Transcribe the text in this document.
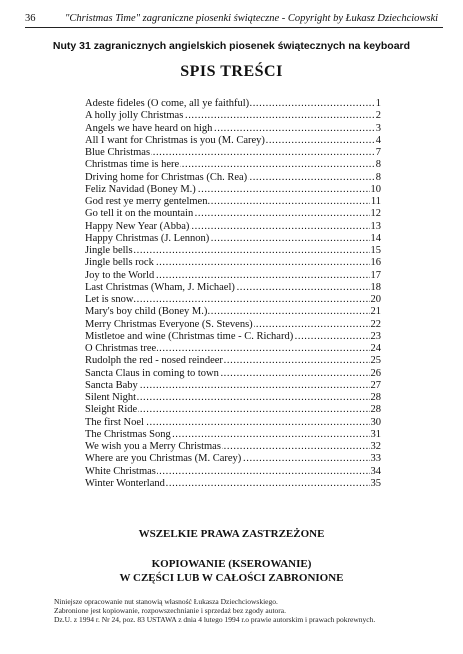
36	"Christmas Time" zagraniczne piosenki świąteczne - Copyright by Łukasz Dziechciowski
Nuty 31 zagranicznych angielskich piosenek świątecznych na keyboard
SPIS TREŚCI
Adeste fideles (O come, all ye faithful)	1
.....
A holly jolly Christmas	2
.....
Angels we have heard on high	3
.....
All I want for Christmas is you (M. Carey)	4
.....
Blue Christmas	7
.....
Christmas time is here	8
.....
Driving home for Christmas (Ch. Rea)	8
.....
Feliz Navidad (Boney M.)	10
.....
God rest ye merry gentelmen	11
.....
Go tell it on the mountain	12
.....
Happy New Year (Abba)	13
.....
Happy Christmas (J. Lennon)	14
.....
Jingle bells	15
.....
Jingle bells rock	16
.....
Joy to the World	17
.....
Last Christmas (Wham, J. Michael)	18
.....
Let is snow	20
.....
Mary's boy child (Boney M.)	21
.....
Merry Christmas Everyone (S. Stevens)	22
.....
Mistletoe and wine (Christmas time - C. Richard)	23
.....
O Christmas tree	24
.....
Rudolph the red - nosed reindeer	25
.....
Sancta Claus in coming to town	26
.....
Sancta Baby	27
.....
Silent Night	28
.....
Sleight Ride	28
.....
The first Noel	30
.....
The Christmas Song	31
.....
We wish you a Merry Christmas	32
.....
Where are you Christmas (M. Carey)	33
.....
White Christmas	34
.....
Winter Wonterland	35
.....
WSZELKIE PRAWA ZASTRZEŻONE
KOPIOWANIE (KSEROWANIE)
W CZĘŚCI LUB W CAŁOŚCI ZABRONIONE
Niniejsze opracowanie nut stanowią własność Łukasza Dziechciowskiego.
Zabronione jest kopiowanie, rozpowszechnianie i sprzedaż bez zgody autora.
Dz.U. z 1994 r. Nr 24, poz. 83 USTAWA z dnia 4 lutego 1994 r.o prawie autorskim i prawach pokrewnych.
